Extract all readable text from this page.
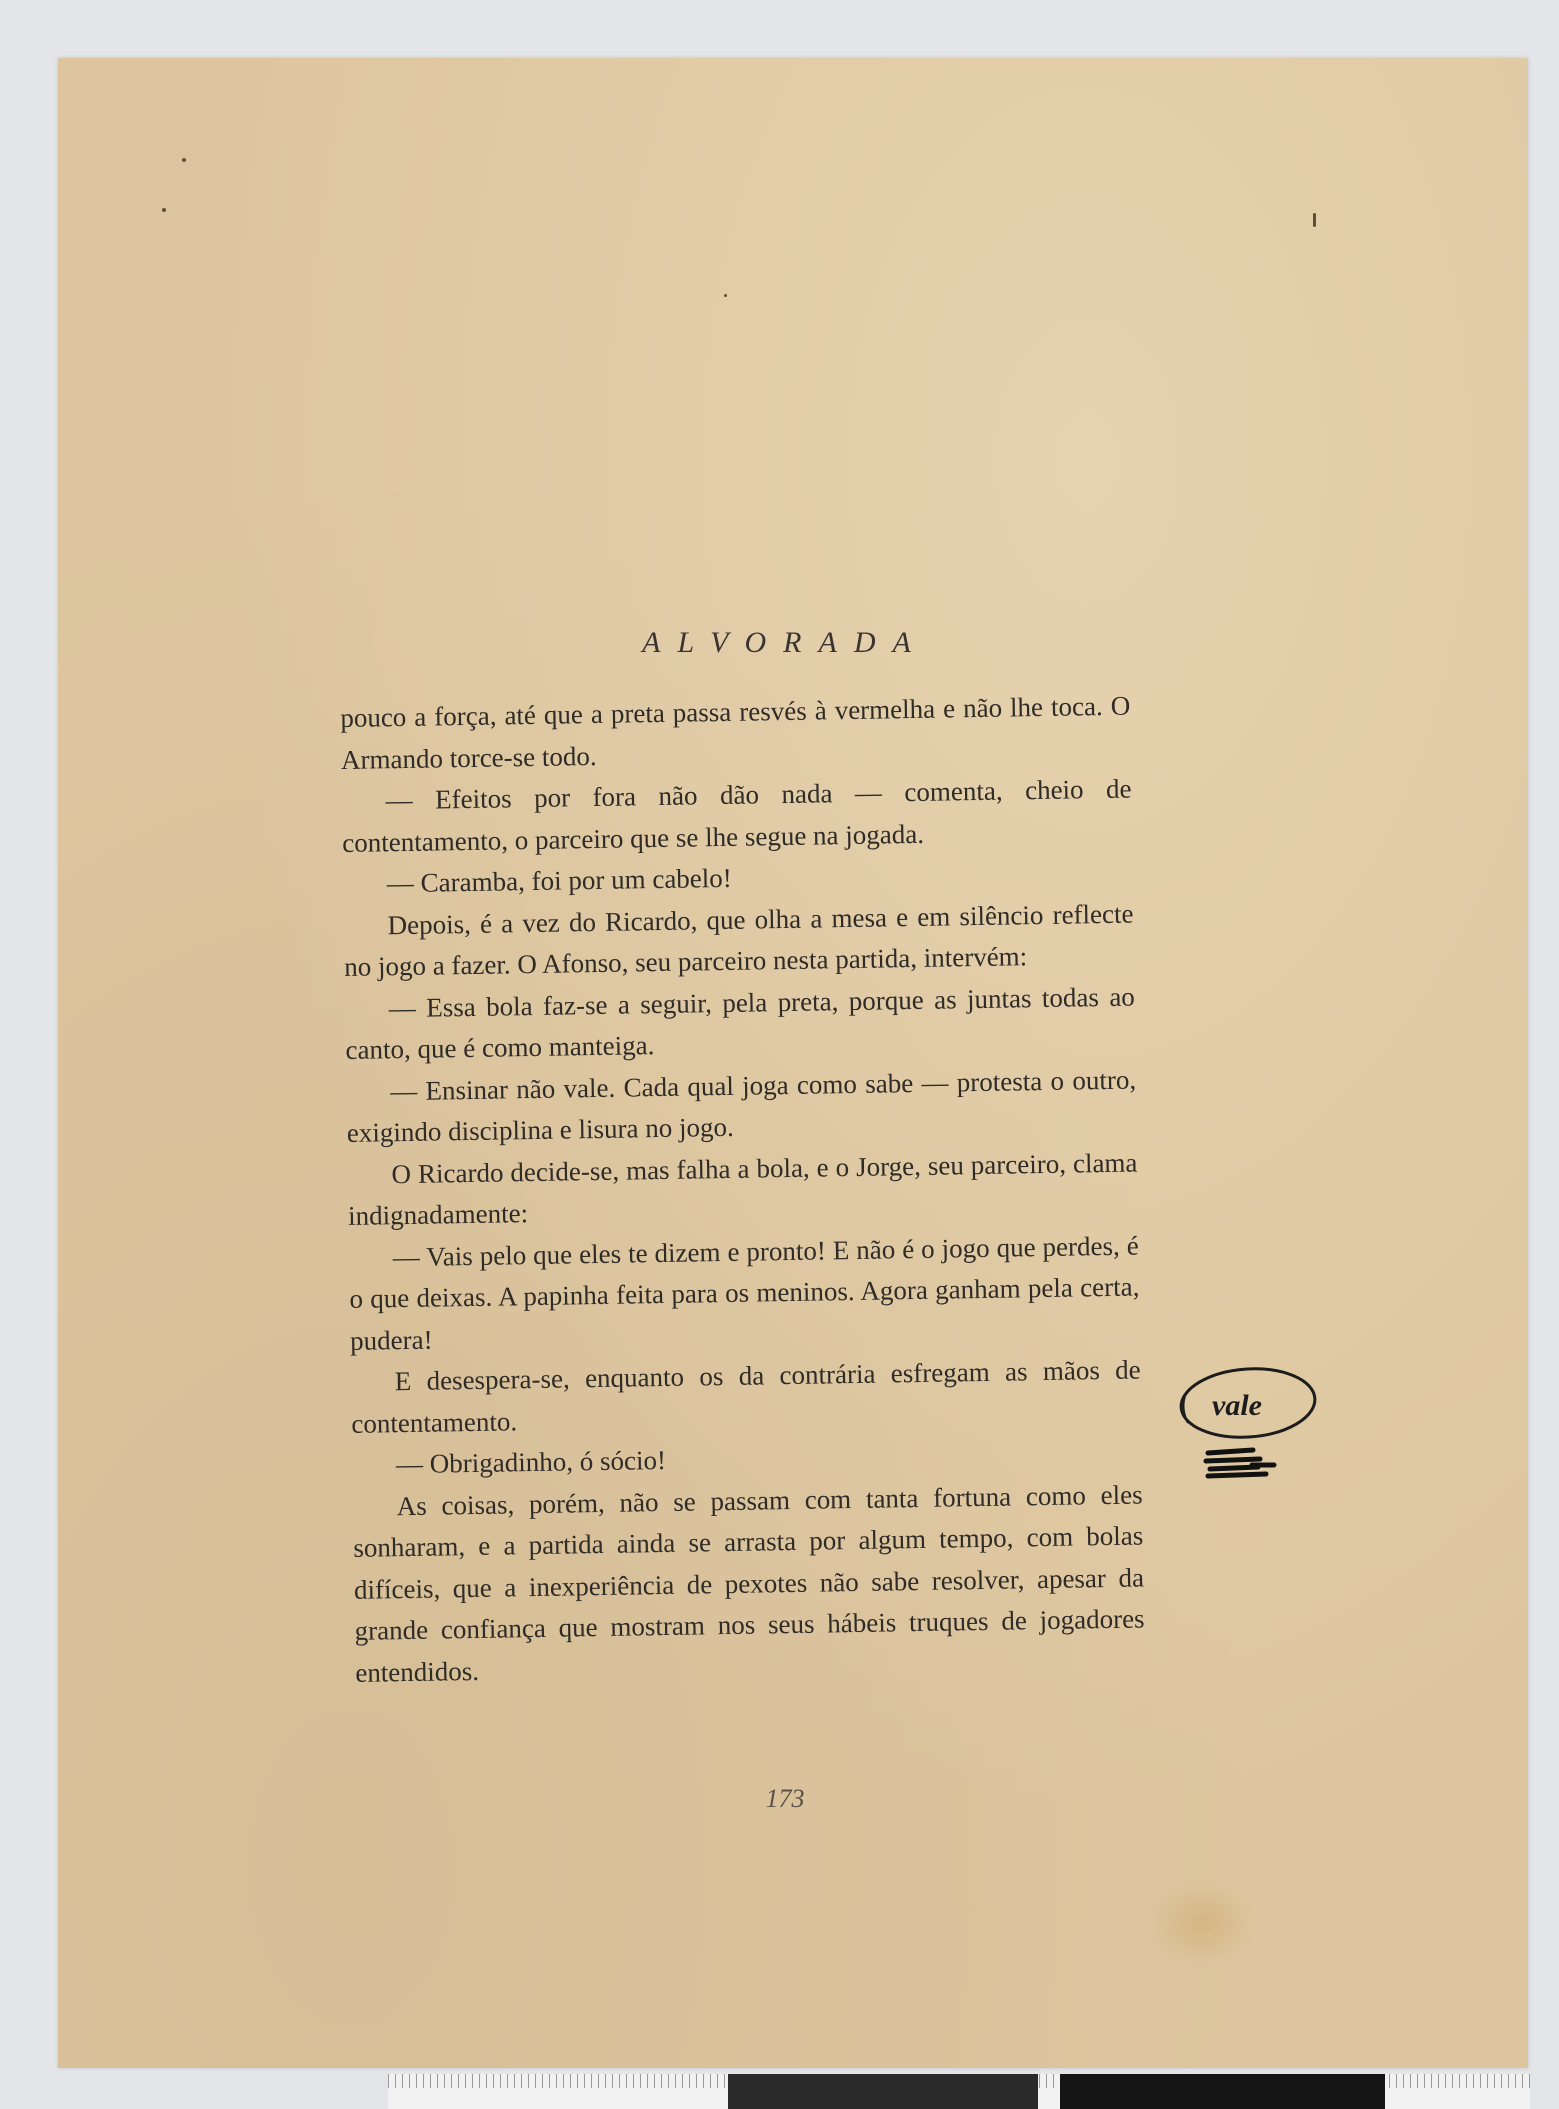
ALVORADA

pouco a força, até que a preta passa resvés à vermelha e não lhe toca. O Armando torce-se todo.

— Efeitos por fora não dão nada — comenta, cheio de contentamento, o parceiro que se lhe segue na jogada.

— Caramba, foi por um cabelo!

Depois, é a vez do Ricardo, que olha a mesa e em silêncio reflecte no jogo a fazer. O Afonso, seu parceiro nesta partida, intervém:

— Essa bola faz-se a seguir, pela preta, porque as juntas todas ao canto, que é como manteiga.

— Ensinar não vale. Cada qual joga como sabe — protesta o outro, exigindo disciplina e lisura no jogo.

O Ricardo decide-se, mas falha a bola, e o Jorge, seu parceiro, clama indignadamente:

— Vais pelo que eles te dizem e pronto! E não é o jogo que perdes, é o que deixas. A papinha feita para os meninos. Agora ganham pela certa, pudera!

E desespera-se, enquanto os da contrária esfregam as mãos de contentamento.

— Obrigadinho, ó sócio!

As coisas, porém, não se passam com tanta fortuna como eles sonharam, e a partida ainda se arrasta por algum tempo, com bolas difíceis, que a inexperiência de pexotes não sabe resolver, apesar da grande confiança que mostram nos seus hábeis truques de jogadores entendidos.

173
vale
